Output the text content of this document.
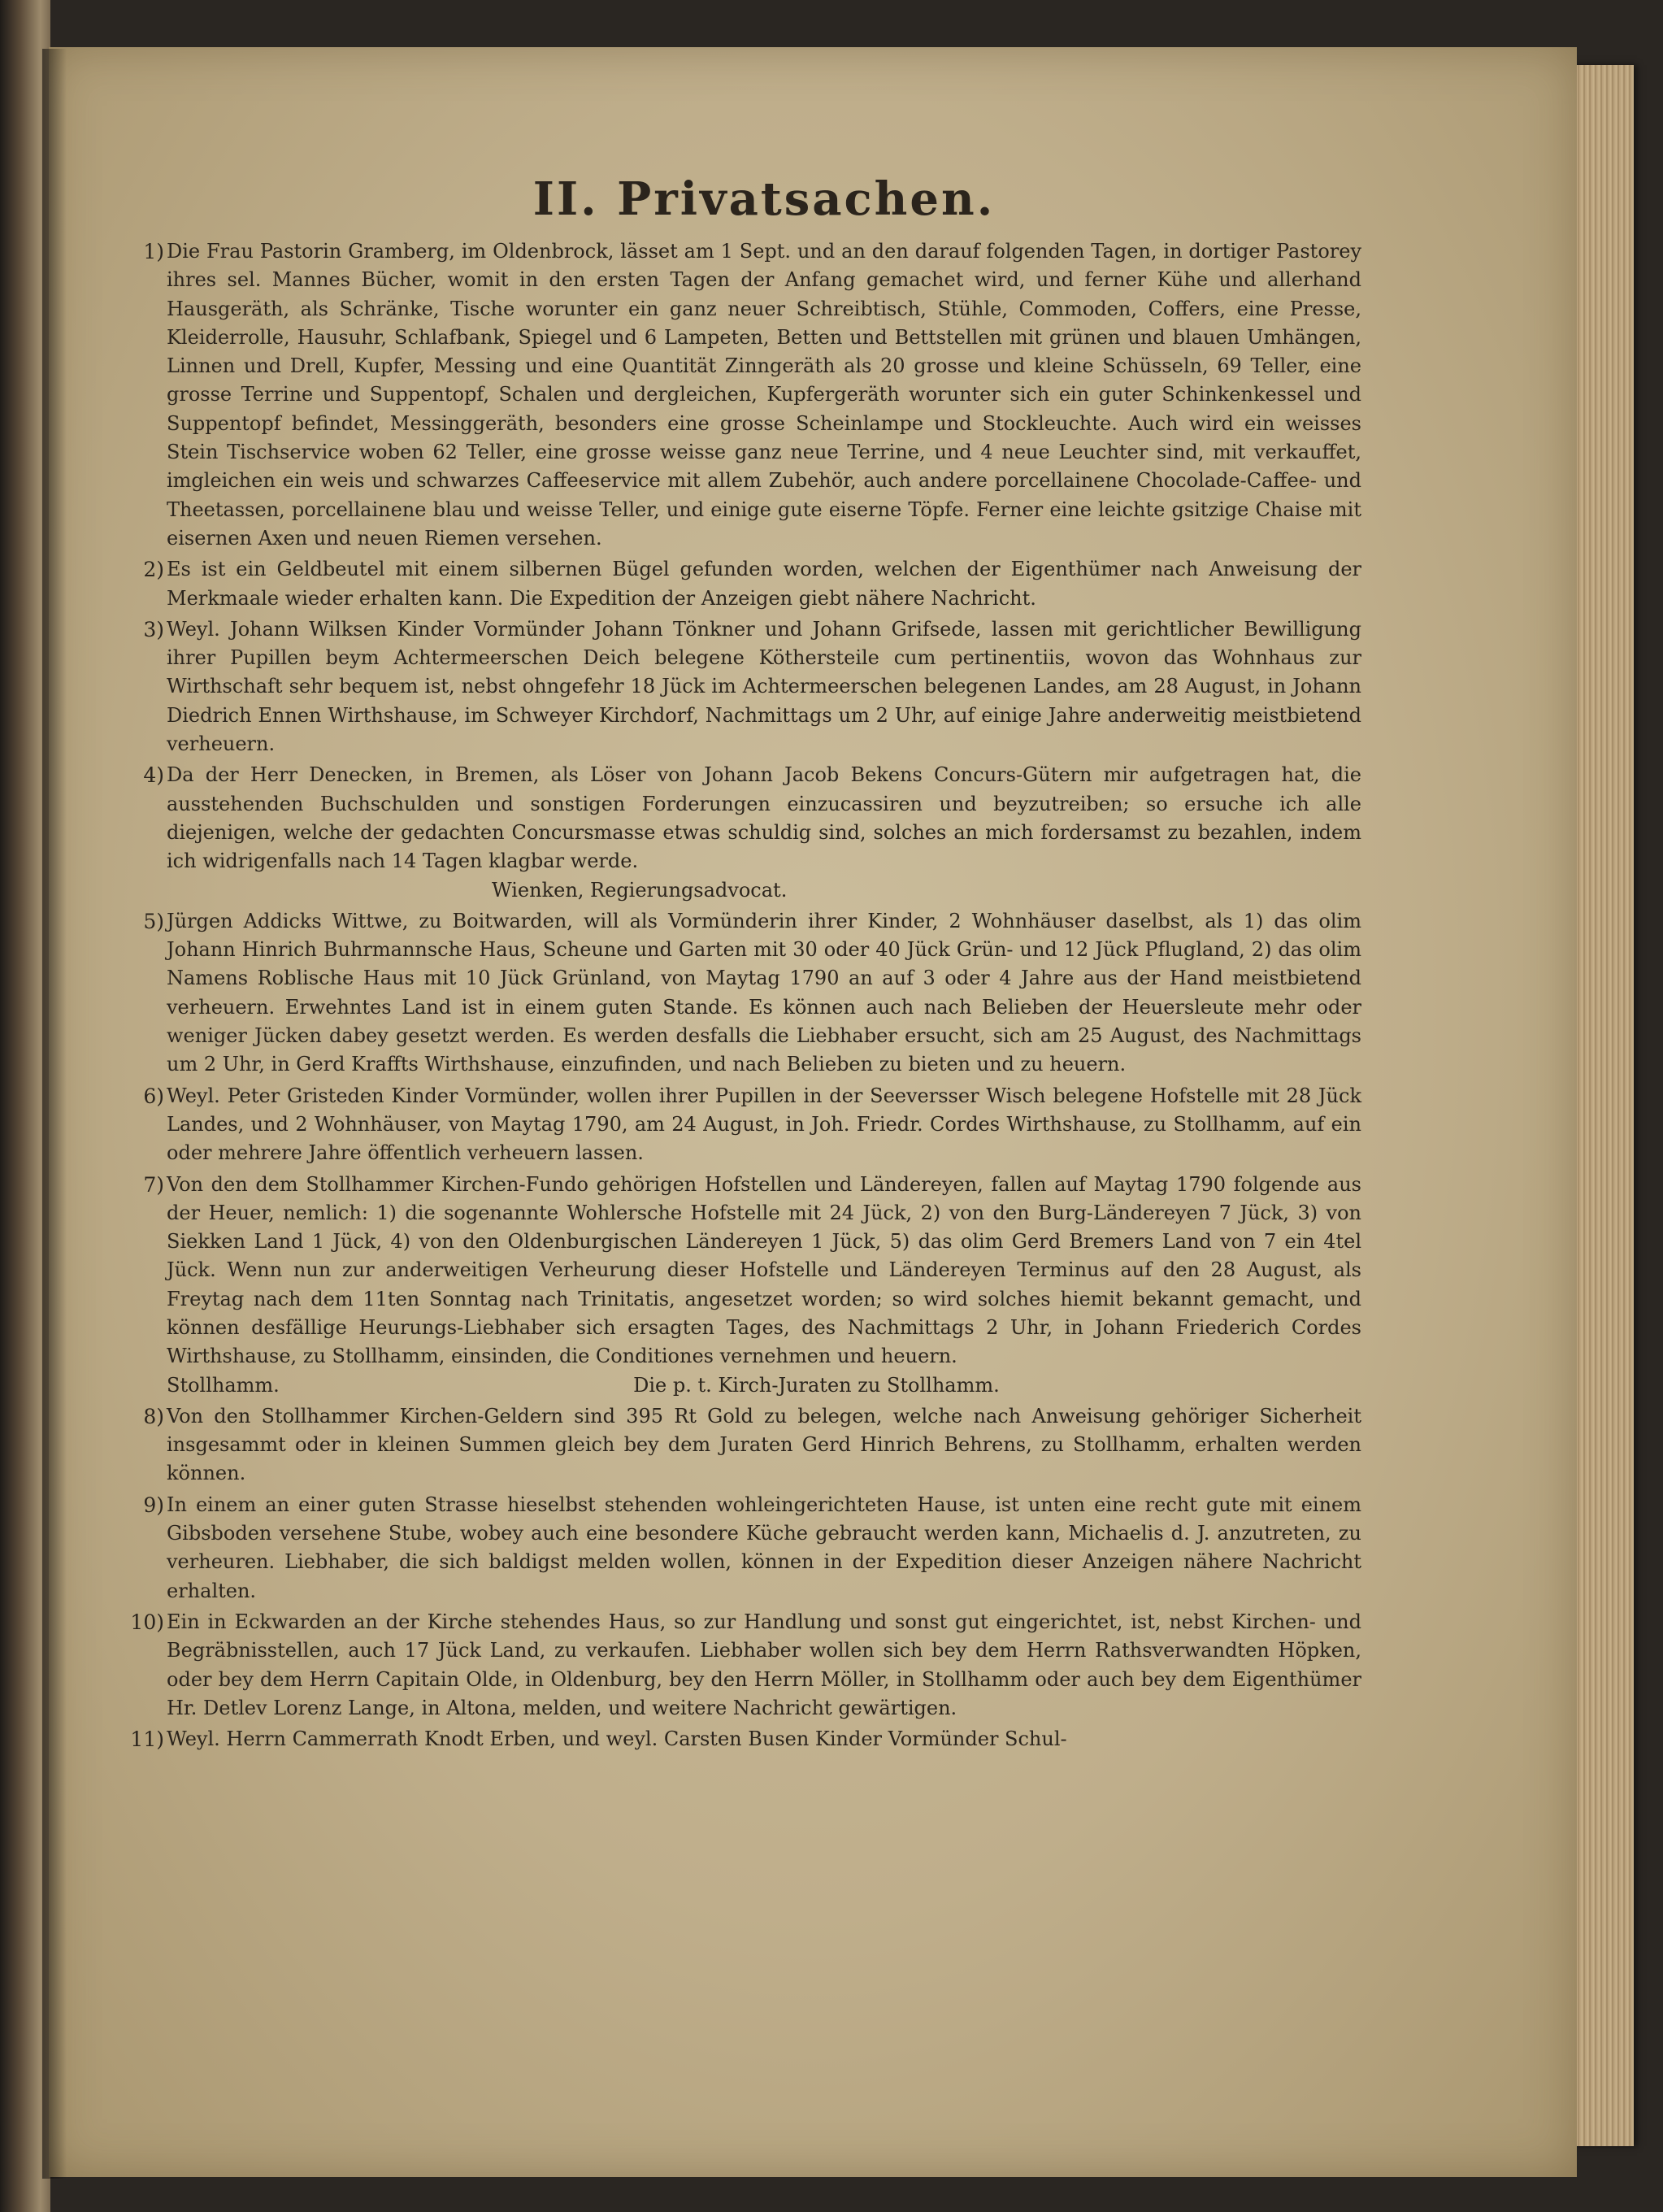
II. Privatsachen.
1) Die Frau Pastorin Gramberg, im Oldenbrock, lässet am 1 Sept. und an den darauf folgenden Tagen, in dortiger Pastorey ihres sel. Mannes Bücher, womit in den ersten Tagen der Anfang gemachet wird, und ferner Kühe und allerhand Hausgeräth, als Schränke, Tische worunter ein ganz neuer Schreibtisch, Stühle, Commoden, Coffers, eine Presse, Kleiderrolle, Hausuhr, Schlafbank, Spiegel und 6 Lampeten, Betten und Bettstellen mit grünen und blauen Umhängen, Linnen und Drell, Kupfer, Messing und eine Quantität Zinngeräth als 20 grosse und kleine Schüsseln, 69 Teller, eine grosse Terrine und Suppentopf, Schalen und dergleichen, Kupfergeräth worunter sich ein guter Schinkenkessel und Suppentopf befindet, Messinggeräth, besonders eine grosse Scheinlampe und Stockleuchte. Auch wird ein weisses Stein Tischservice woben 62 Teller, eine grosse weisse ganz neue Terrine, und 4 neue Leuchter sind, mit verkauffet, imgleichen ein weis und schwarzes Caffeeservice mit allem Zubehör, auch andere porcellainene Chocolade-Caffee- und Theetassen, porcellainene blau und weisse Teller, und einige gute eiserne Töpfe. Ferner eine leichte gsitzige Chaise mit eisernen Axen und neuen Riemen versehen.

2) Es ist ein Geldbeutel mit einem silbernen Bügel gefunden worden, welchen der Eigenthümer nach Anweisung der Merkmaale wieder erhalten kann. Die Expedition der Anzeigen giebt nähere Nachricht.

3) Weyl. Johann Wilksen Kinder Vormünder Johann Tönkner und Johann Grifsede, lassen mit gerichtlicher Bewilligung ihrer Pupillen beym Achtermeerschen Deich belegene Köthersteile cum pertinentiis, wovon das Wohnhaus zur Wirthschaft sehr bequem ist, nebst ohngefehr 18 Jück im Achtermeerschen belegenen Landes, am 28 August, in Johann Diedrich Ennen Wirthshause, im Schweyer Kirchdorf, Nachmittags um 2 Uhr, auf einige Jahre anderweitig meistbietend verheuern.

4) Da der Herr Denecken, in Bremen, als Löser von Johann Jacob Bekens Concurs-Gütern mir aufgetragen hat, die ausstehenden Buchschulden und sonstigen Forderungen einzucassiren und beyzutreiben; so ersuche ich alle diejenigen, welche der gedachten Concursmasse etwas schuldig sind, solches an mich fordersamst zu bezahlen, indem ich widrigenfalls nach 14 Tagen klagbar werde.

Wienken, Regierungsadvocat.
5) Jürgen Addicks Wittwe, zu Boitwarden, will als Vormünderin ihrer Kinder, 2 Wohnhäuser daselbst, als 1) das olim Johann Hinrich Buhrmannsche Haus, Scheune und Garten mit 30 oder 40 Jück Grün- und 12 Jück Pflugland, 2) das olim Namens Roblische Haus mit 10 Jück Grünland, von Maytag 1790 an auf 3 oder 4 Jahre aus der Hand meistbietend verheuern. Erwehntes Land ist in einem guten Stande. Es können auch nach Belieben der Heuersleute mehr oder weniger Jücken dabey gesetzt werden. Es werden desfalls die Liebhaber ersucht, sich am 25 August, des Nachmittags um 2 Uhr, in Gerd Kraffts Wirthshause, einzufinden, und nach Belieben zu bieten und zu heuern.

6) Weyl. Peter Gristeden Kinder Vormünder, wollen ihrer Pupillen in der Seeversser Wisch belegene Hofstelle mit 28 Jück Landes, und 2 Wohnhäuser, von Maytag 1790, am 24 August, in Joh. Friedr. Cordes Wirthshause, zu Stollhamm, auf ein oder mehrere Jahre öffentlich verheuern lassen.

7) Von den dem Stollhammer Kirchen-Fundo gehörigen Hofstellen und Ländereyen, fallen auf Maytag 1790 folgende aus der Heuer, nemlich: 1) die sogenannte Wohlersche Hofstelle mit 24 Jück, 2) von den Burg-Ländereyen 7 Jück, 3) von Siekken Land 1 Jück, 4) von den Oldenburgischen Ländereyen 1 Jück, 5) das olim Gerd Bremers Land von 7 ein 4tel Jück. Wenn nun zur anderweitigen Verheurung dieser Hofstelle und Ländereyen Terminus auf den 28 August, als Freytag nach dem 11ten Sonntag nach Trinitatis, angesetzet worden; so wird solches hiemit bekannt gemacht, und können desfällige Heurungs-Liebhaber sich ersagten Tages, des Nachmittags 2 Uhr, in Johann Friederich Cordes Wirthshause, zu Stollhamm, einsinden, die Conditiones vernehmen und heuern.

Stollhamm.	Die p. t. Kirch-Juraten zu Stollhamm.
8) Von den Stollhammer Kirchen-Geldern sind 395 Rt Gold zu belegen, welche nach Anweisung gehöriger Sicherheit insgesammt oder in kleinen Summen gleich bey dem Juraten Gerd Hinrich Behrens, zu Stollhamm, erhalten werden können.

9) In einem an einer guten Strasse hieselbst stehenden wohleingerichteten Hause, ist unten eine recht gute mit einem Gibsboden versehene Stube, wobey auch eine besondere Küche gebraucht werden kann, Michaelis d. J. anzutreten, zu verheuren. Liebhaber, die sich baldigst melden wollen, können in der Expedition dieser Anzeigen nähere Nachricht erhalten.

10) Ein in Eckwarden an der Kirche stehendes Haus, so zur Handlung und sonst gut eingerichtet, ist, nebst Kirchen- und Begräbnisstellen, auch 17 Jück Land, zu verkaufen. Liebhaber wollen sich bey dem Herrn Rathsverwandten Höpken, oder bey dem Herrn Capitain Olde, in Oldenburg, bey den Herrn Möller, in Stollhamm oder auch bey dem Eigenthümer Hr. Detlev Lorenz Lange, in Altona, melden, und weitere Nachricht gewärtigen.

11) Weyl. Herrn Cammerrath Knodt Erben, und weyl. Carsten Busen Kinder Vormünder Schul-
